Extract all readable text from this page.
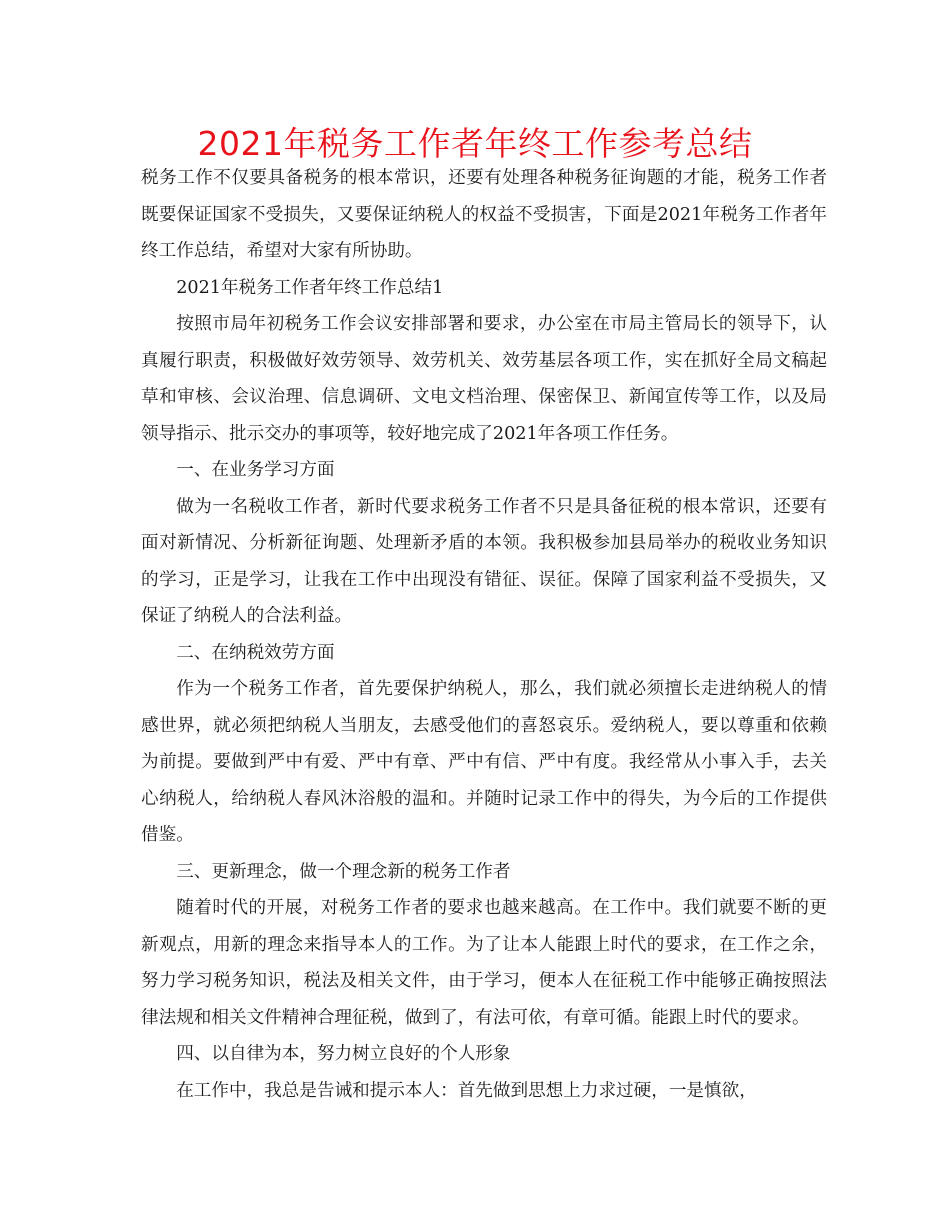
2021年税务工作者年终工作参考总结

税务工作不仅要具备税务的根本常识，还要有处理各种税务征询题的才能，税务工作者既要保证国家不受损失，又要保证纳税人的权益不受损害，下面是2021年税务工作者年终工作总结，希望对大家有所协助。

2021年税务工作者年终工作总结1

按照市局年初税务工作会议安排部署和要求，办公室在市局主管局长的领导下，认真履行职责，积极做好效劳领导、效劳机关、效劳基层各项工作，实在抓好全局文稿起草和审核、会议治理、信息调研、文电文档治理、保密保卫、新闻宣传等工作，以及局领导指示、批示交办的事项等，较好地完成了2021年各项工作任务。

一、在业务学习方面

做为一名税收工作者，新时代要求税务工作者不只是具备征税的根本常识，还要有面对新情况、分析新征询题、处理新矛盾的本领。我积极参加县局举办的税收业务知识的学习，正是学习，让我在工作中出现没有错征、误征。保障了国家利益不受损失，又保证了纳税人的合法利益。

二、在纳税效劳方面

作为一个税务工作者，首先要保护纳税人，那么，我们就必须擅长走进纳税人的情感世界，就必须把纳税人当朋友，去感受他们的喜怒哀乐。爱纳税人，要以尊重和依赖为前提。要做到严中有爱、严中有章、严中有信、严中有度。我经常从小事入手，去关心纳税人，给纳税人春风沐浴般的温和。并随时记录工作中的得失，为今后的工作提供借鉴。

三、更新理念，做一个理念新的税务工作者

随着时代的开展，对税务工作者的要求也越来越高。在工作中。我们就要不断的更新观点，用新的理念来指导本人的工作。为了让本人能跟上时代的要求，在工作之余，努力学习税务知识，税法及相关文件，由于学习，便本人在征税工作中能够正确按照法律法规和相关文件精神合理征税，做到了，有法可依，有章可循。能跟上时代的要求。

四、以自律为本，努力树立良好的个人形象

在工作中，我总是告诫和提示本人：首先做到思想上力求过硬，一是慎欲，
